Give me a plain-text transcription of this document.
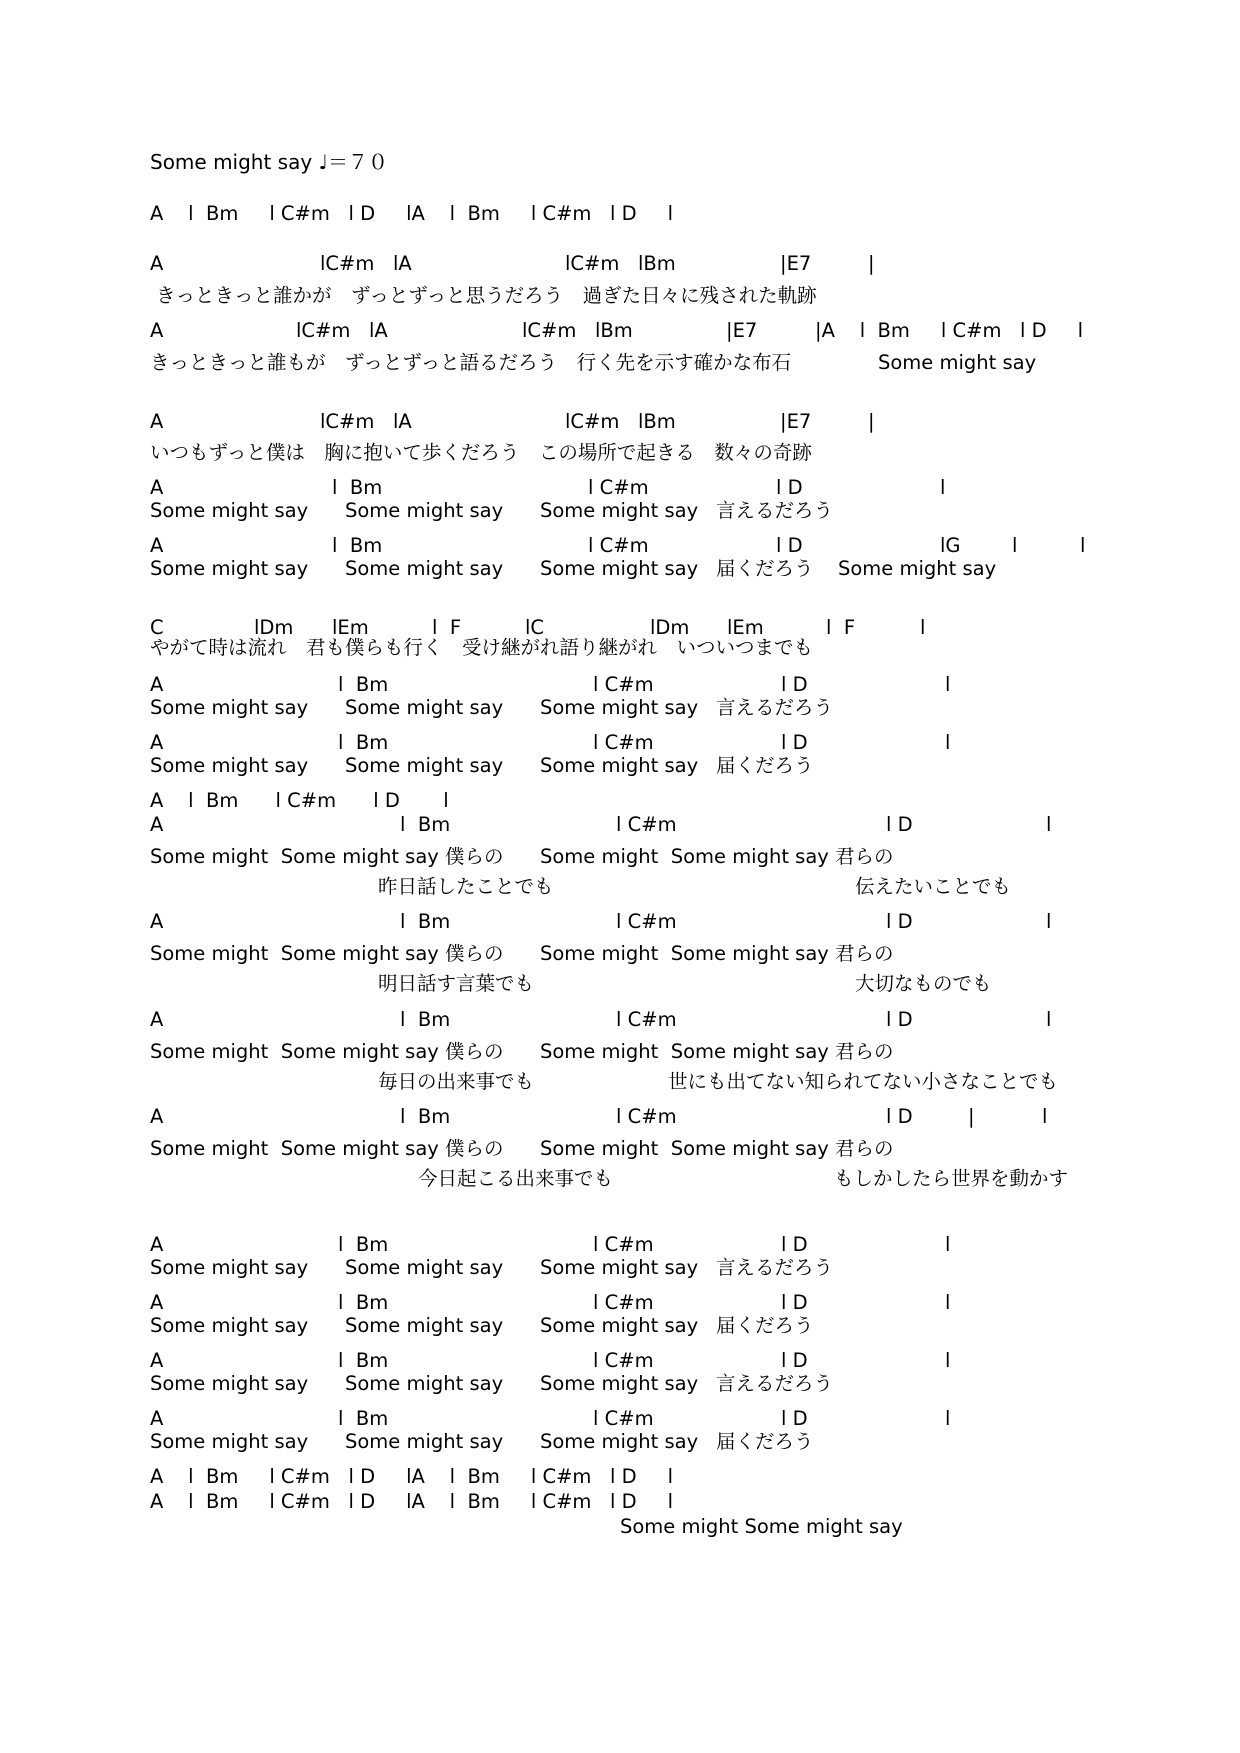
Some might say ♩＝７０
A    l  Bm     l C#m   l D     lA    l  Bm     l C#m   l D     l
A	lC#m   lA	lC#m   lBm	|E7	|
きっときっと誰かが　ずっとずっと思うだろう　過ぎた日々に残された軌跡
A	lC#m   lA	lC#m   lBm	|E7	|A    l  Bm     l C#m   l D     l
きっときっと誰もが　ずっとずっと語るだろう　行く先を示す確かな布石	Some might say
A	lC#m   lA	lC#m   lBm	|E7	|
いつもずっと僕は　胸に抱いて歩くだろう　この場所で起きる　数々の奇跡
A	l  Bm	l C#m	l D	l
Some might say Some might say Some might say 言えるだろう
A	l  Bm	l C#m	l D	lG	l	l
Some might say Some might say Some might say 届くだろう Some might say
C	lDm lEm	l  F	lC	lDm lEm	l  F	l
やがて時は流れ　君も僕らも行く　受け継がれ語り継がれ　いついつまでも
A	l  Bm	l C#m	l D	l
Some might say Some might say Some might say 言えるだろう
A	l  Bm	l C#m	l D	l
Some might say Some might say Some might say 届くだろう
A    l  Bm      l C#m      l D       l
A	l  Bm	l C#m	l D	l
Some might  Some might say 僕らの Some might  Some might say 君らの
昨日話したことでも	伝えたいことでも
A	l  Bm	l C#m	l D	l
Some might  Some might say 僕らの Some might  Some might say 君らの
明日話す言葉でも	大切なものでも
A	l  Bm	l C#m	l D	l
Some might  Some might say 僕らの Some might  Some might say 君らの
毎日の出来事でも	世にも出てない知られてない小さなことでも
A	l  Bm	l C#m	l D	|	l
Some might  Some might say 僕らの Some might  Some might say 君らの
今日起こる出来事でも	もしかしたら世界を動かす
A	l  Bm	l C#m	l D	l
Some might say Some might say Some might say 言えるだろう
A	l  Bm	l C#m	l D	l
Some might say Some might say Some might say 届くだろう
A	l  Bm	l C#m	l D	l
Some might say Some might say Some might say 言えるだろう
A	l  Bm	l C#m	l D	l
Some might say Some might say Some might say 届くだろう
A    l  Bm     l C#m   l D     lA    l  Bm     l C#m   l D     l
A    l  Bm     l C#m   l D     lA    l  Bm     l C#m   l D     l
Some might Some might say
